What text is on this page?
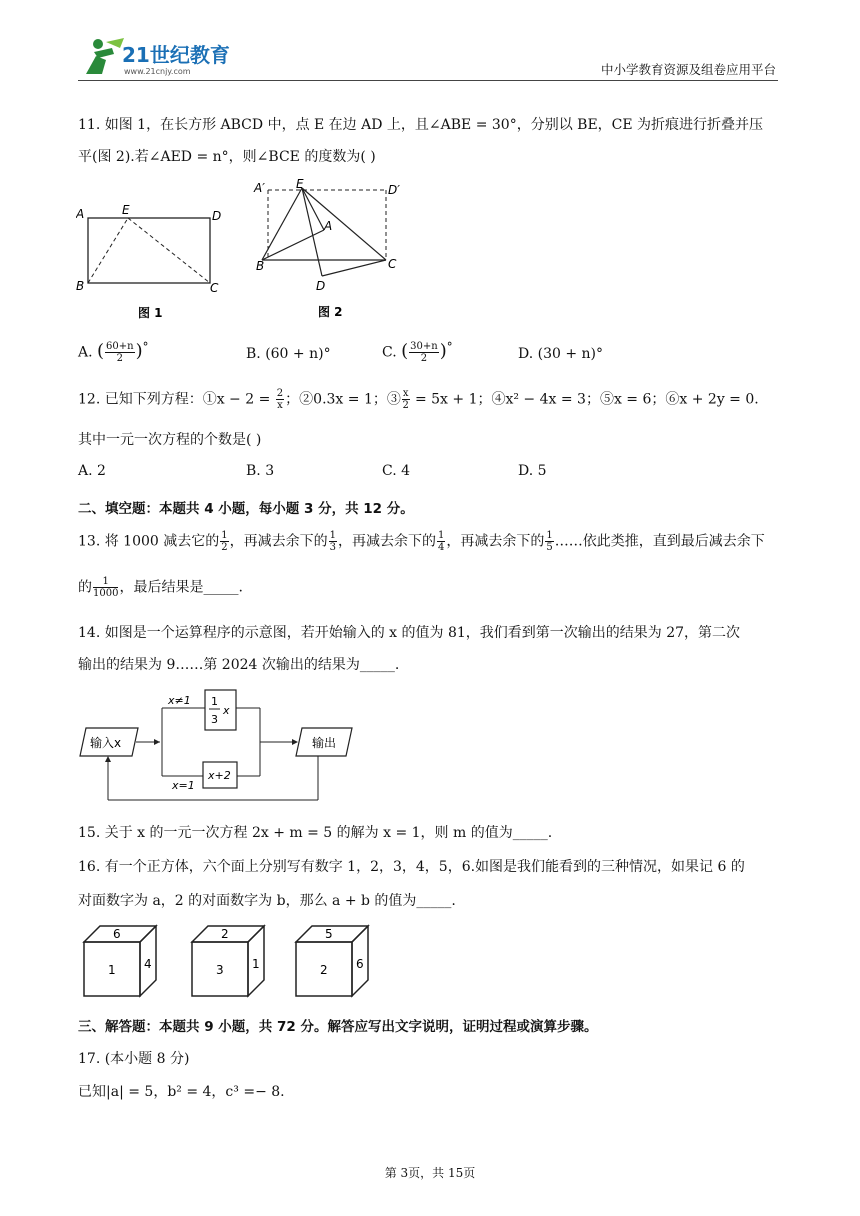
21世纪教育
www.21cnjy.com	中小学教育资源及组卷应用平台
11. 如图 1，在长方形 ABCD 中，点 E 在边 AD 上，且∠ABE = 30°，分别以 BE，CE 为折痕进行折叠并压
平(图 2).若∠AED = n°，则∠BCE 的度数为( )
A	E	D
B	C
图 1
A′	E	D′
A
B	C
D
图 2
A. ( $\frac{60+n}{2} )^\circ$	B. (60 + n)°	C. ( $\frac{30+n}{2} )^\circ$	D. (30 + n)°
12. 已知下列方程：①x − $2 = \frac{2}{x}$ ；②0.3x = 1；③ $\frac{x}{2} = 5x + 1$；④x² − 4x = 3；⑤x = 6；⑥x + 2y = 0.
其中一元一次方程的个数是( )
A. 2	B. 3	C. 4	D. 5
二、填空题：本题共 4 小题，每小题 3 分，共 12 分。
13. 将 1000 减去它的 $\frac{1}{2}$ ，再减去余下的 $\frac{1}{3}$ ，再减去余下的 $\frac{1}{4}$ ，再减去余下的 $\frac{1}{5}$ ……依此类推，直到最后减去余下
的 $\frac{1}{1000}$ ，最后结果是_____.
14. 如图是一个运算程序的示意图，若开始输入的 x 的值为 81，我们看到第一次输出的结果为 27，第二次
输出的结果为 9……第 2024 次输出的结果为_____.
输入x
x≠1
x=1
1
3
x
x+2
输出
15. 关于 x 的一元一次方程 2x + m = 5 的解为 x = 1，则 m 的值为_____.
16. 有一个正方体，六个面上分别写有数字 1，2，3，4，5，6.如图是我们能看到的三种情况，如果记 6 的
对面数字为 a，2 的对面数字为 b，那么 a + b 的值为_____.
6
1 4
2
3 1
5
2 6
三、解答题：本题共 9 小题，共 72 分。解答应写出文字说明，证明过程或演算步骤。
17. (本小题 8 分)
已知|a| = 5，b² = 4，c³ =− 8.
第 3页，共 15页
